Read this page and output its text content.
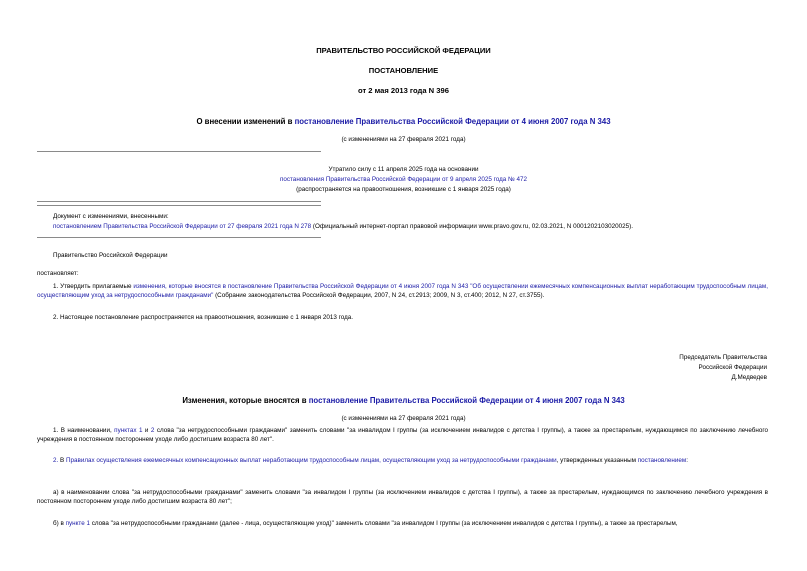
ПРАВИТЕЛЬСТВО РОССИЙСКОЙ ФЕДЕРАЦИИ
ПОСТАНОВЛЕНИЕ
от 2 мая 2013 года N 396
О внесении изменений в постановление Правительства Российской Федерации от 4 июня 2007 года N 343
(с изменениями на 27 февраля 2021 года)
Утратило силу с 11 апреля 2025 года на основании
постановления Правительства Российской Федерации от 9 апреля 2025 года № 472
(распространяется на правоотношения, возникшие с 1 января 2025 года)
Документ с изменениями, внесенными:
постановлением Правительства Российской Федерации от 27 февраля 2021 года N 278 (Официальный интернет-портал правовой информации www.pravo.gov.ru, 02.03.2021, N 0001202103020025).
Правительство Российской Федерации
постановляет:
1. Утвердить прилагаемые изменения, которые вносятся в постановление Правительства Российской Федерации от 4 июня 2007 года N 343 "Об осуществлении ежемесячных компенсационных выплат неработающим трудоспособным лицам, осуществляющим уход за нетрудоспособными гражданами" (Собрание законодательства Российской Федерации, 2007, N 24, ст.2913; 2009, N 3, ст.400; 2012, N 27, ст.3755).
2. Настоящее постановление распространяется на правоотношения, возникшие с 1 января 2013 года.
Председатель Правительства
Российской Федерации
Д.Медведев
Изменения, которые вносятся в постановление Правительства Российской Федерации от 4 июня 2007 года N 343
(с изменениями на 27 февраля 2021 года)
1. В наименовании, пунктах 1 и 2 слова "за нетрудоспособными гражданами" заменить словами "за инвалидом I группы (за исключением инвалидов с детства I группы), а также за престарелым, нуждающимся по заключению лечебного учреждения в постоянном постороннем уходе либо достигшим возраста 80 лет".
2. В Правилах осуществления ежемесячных компенсационных выплат неработающим трудоспособным лицам, осуществляющим уход за нетрудоспособными гражданами, утвержденных указанным постановлением:
а) в наименовании слова "за нетрудоспособными гражданами" заменить словами "за инвалидом I группы (за исключением инвалидов с детства I группы), а также за престарелым, нуждающимся по заключению лечебного учреждения в постоянном постороннем уходе либо достигшим возраста 80 лет";
б) в пункте 1 слова "за нетрудоспособными гражданами (далее - лица, осуществляющие уход)" заменить словами "за инвалидом I группы (за исключением инвалидов с детства I группы), а также за престарелым,
